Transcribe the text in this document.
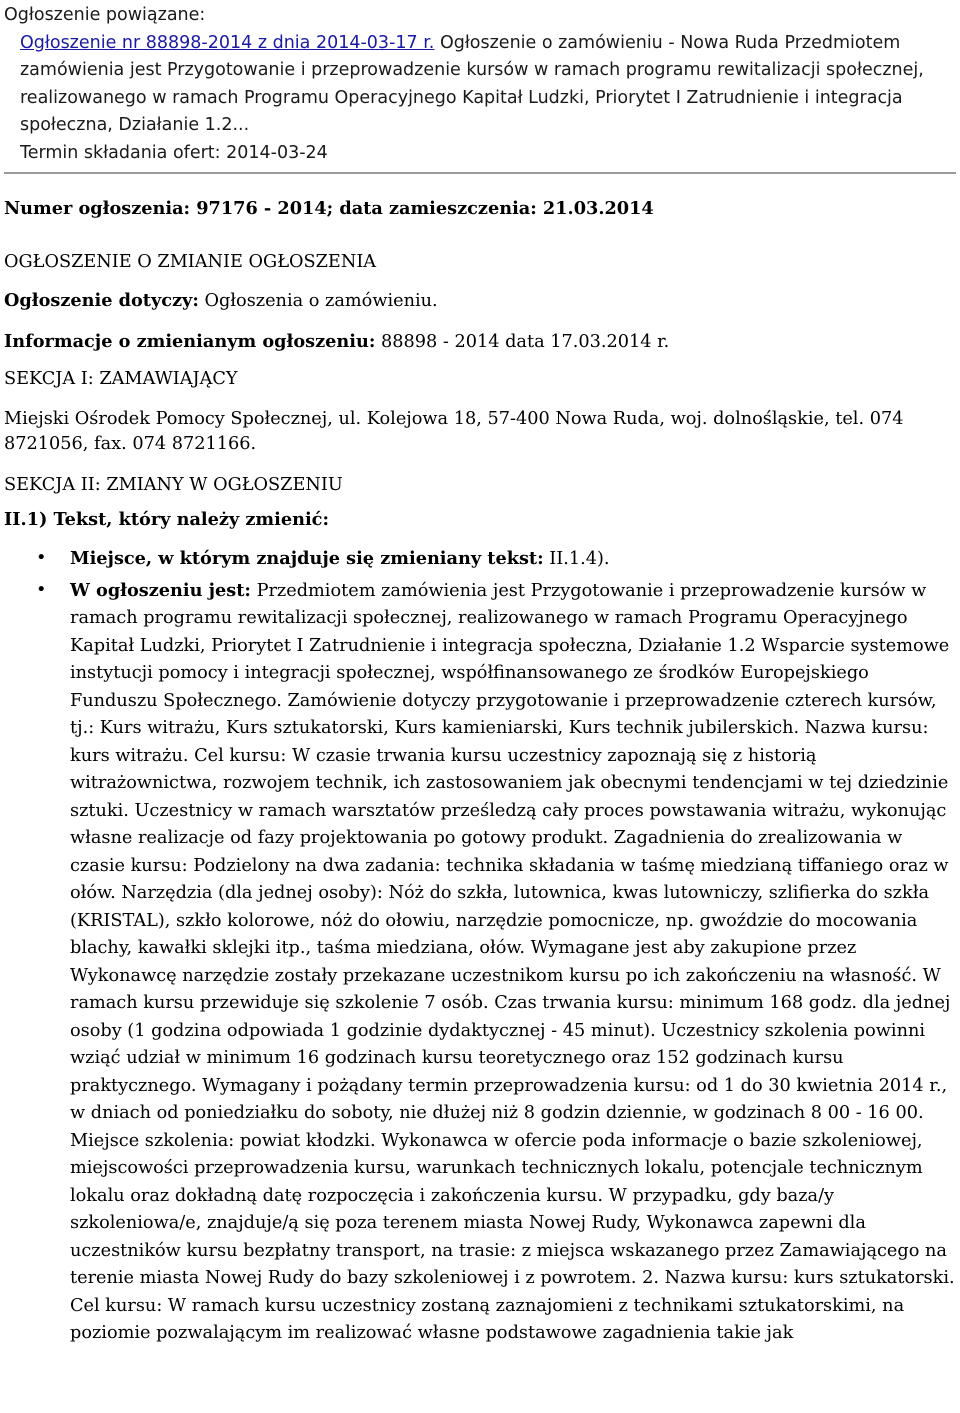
Ogłoszenie powiązane:
Ogłoszenie nr 88898-2014 z dnia 2014-03-17 r. Ogłoszenie o zamówieniu - Nowa Ruda Przedmiotem zamówienia jest Przygotowanie i przeprowadzenie kursów w ramach programu rewitalizacji społecznej, realizowanego w ramach Programu Operacyjnego Kapitał Ludzki, Priorytet I Zatrudnienie i integracja społeczna, Działanie 1.2...
Termin składania ofert: 2014-03-24

Numer ogłoszenia: 97176 - 2014; data zamieszczenia: 21.03.2014

OGŁOSZENIE O ZMIANIE OGŁOSZENIA

Ogłoszenie dotyczy: Ogłoszenia o zamówieniu.

Informacje o zmienianym ogłoszeniu: 88898 - 2014 data 17.03.2014 r.

SEKCJA I: ZAMAWIAJĄCY

Miejski Ośrodek Pomocy Społecznej, ul. Kolejowa 18, 57-400 Nowa Ruda, woj. dolnośląskie, tel. 074 8721056, fax. 074 8721166.

SEKCJA II: ZMIANY W OGŁOSZENIU

II.1) Tekst, który należy zmienić:

• Miejsce, w którym znajduje się zmieniany tekst: II.1.4).
• W ogłoszeniu jest: Przedmiotem zamówienia jest Przygotowanie i przeprowadzenie kursów w ramach programu rewitalizacji społecznej, realizowanego w ramach Programu Operacyjnego Kapitał Ludzki, Priorytet I Zatrudnienie i integracja społeczna, Działanie 1.2 Wsparcie systemowe instytucji pomocy i integracji społecznej, współfinansowanego ze środków Europejskiego Funduszu Społecznego. Zamówienie dotyczy przygotowanie i przeprowadzenie czterech kursów, tj.: Kurs witrażu, Kurs sztukatorski, Kurs kamieniarski, Kurs technik jubilerskich. Nazwa kursu: kurs witrażu. Cel kursu: W czasie trwania kursu uczestnicy zapoznają się z historią witrażownictwa, rozwojem technik, ich zastosowaniem jak obecnymi tendencjami w tej dziedzinie sztuki. Uczestnicy w ramach warsztatów prześledzą cały proces powstawania witrażu, wykonując własne realizacje od fazy projektowania po gotowy produkt. Zagadnienia do zrealizowania w czasie kursu: Podzielony na dwa zadania: technika składania w taśmę miedzianą tiffaniego oraz w ołów. Narzędzia (dla jednej osoby): Nóż do szkła, lutownica, kwas lutowniczy, szlifierka do szkła (KRISTAL), szkło kolorowe, nóż do ołowiu, narzędzie pomocnicze, np. gwoździe do mocowania blachy, kawałki sklejki itp., taśma miedziana, ołów. Wymagane jest aby zakupione przez Wykonawcę narzędzie zostały przekazane uczestnikom kursu po ich zakończeniu na własność. W ramach kursu przewiduje się szkolenie 7 osób. Czas trwania kursu: minimum 168 godz. dla jednej osoby (1 godzina odpowiada 1 godzinie dydaktycznej - 45 minut). Uczestnicy szkolenia powinni wziąć udział w minimum 16 godzinach kursu teoretycznego oraz 152 godzinach kursu praktycznego. Wymagany i pożądany termin przeprowadzenia kursu: od 1 do 30 kwietnia 2014 r., w dniach od poniedziałku do soboty, nie dłużej niż 8 godzin dziennie, w godzinach 8 00 - 16 00. Miejsce szkolenia: powiat kłodzki. Wykonawca w ofercie poda informacje o bazie szkoleniowej, miejscowości przeprowadzenia kursu, warunkach technicznych lokalu, potencjale technicznym lokalu oraz dokładną datę rozpoczęcia i zakończenia kursu. W przypadku, gdy baza/y szkoleniowa/e, znajduje/ą się poza terenem miasta Nowej Rudy, Wykonawca zapewni dla uczestników kursu bezpłatny transport, na trasie: z miejsca wskazanego przez Zamawiającego na terenie miasta Nowej Rudy do bazy szkoleniowej i z powrotem. 2. Nazwa kursu: kurs sztukatorski. Cel kursu: W ramach kursu uczestnicy zostaną zaznajomieni z technikami sztukatorskimi, na poziomie pozwalającym im realizować własne podstawowe zagadnienia takie jak
